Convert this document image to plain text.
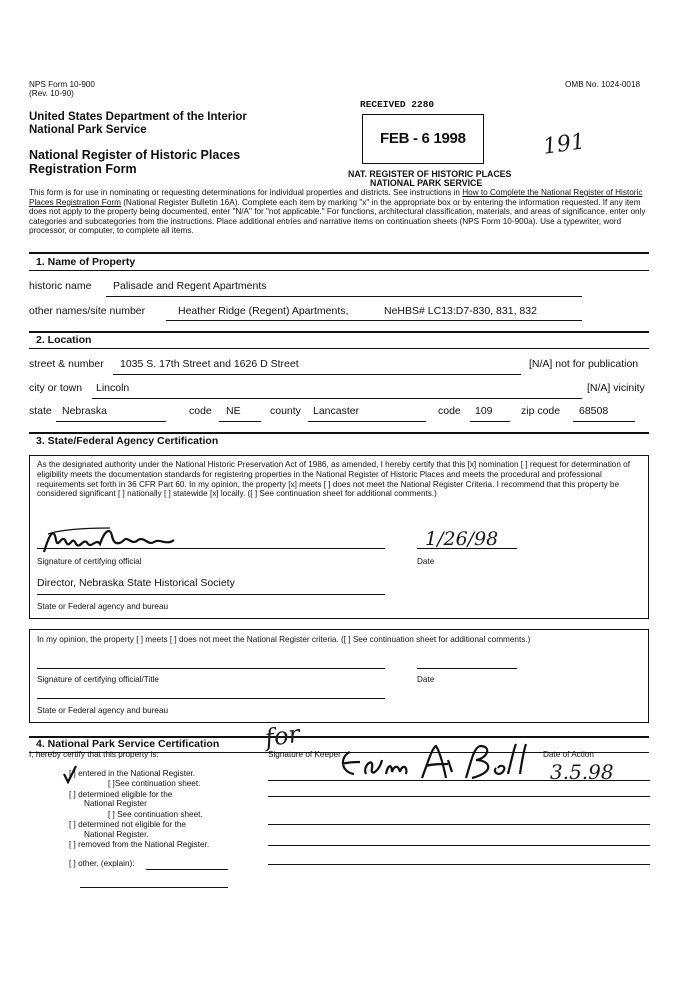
NPS Form 10-900
(Rev. 10-90)
OMB No. 1024-0018
United States Department of the Interior
National Park Service
National Register of Historic Places
Registration Form
RECEIVED 2280
FEB - 6 1998
NAT. REGISTER OF HISTORIC PLACES
NATIONAL PARK SERVICE
191
This form is for use in nominating or requesting determinations for individual properties and districts. See instructions in How to Complete the National Register of Historic Places Registration Form (National Register Bulletin 16A). Complete each item by marking "x" in the appropriate box or by entering the information requested. If any item does not apply to the property being documented, enter "N/A" for "not applicable." For functions, architectural classification, materials, and areas of significance, enter only categories and subcategories from the instructions. Place additional entries and narrative items on continuation sheets (NPS Form 10-900a). Use a typewriter, word processor, or computer, to complete all items.
1. Name of Property
historic name Palisade and Regent Apartments
other names/site number	Heather Ridge (Regent) Apartments,	NeHBS# LC13:D7-830, 831, 832
2. Location
street & number 1035 S. 17th Street and 1626 D Street	[N/A] not for publication
city or town Lincoln	[N/A] vicinity
state Nebraska	code NE	county Lancaster	code 109	zip code 68508
3. State/Federal Agency Certification
As the designated authority under the National Historic Preservation Act of 1986, as amended, I hereby certify that this [x] nomination [ ] request for determination of eligibility meets the documentation standards for registering properties in the National Register of Historic Places and meets the procedural and professional requirements set forth in 36 CFR Part 60. In my opinion, the property [x] meets [ ] does not meet the National Register Criteria. I recommend that this property be considered significant [ ] nationally [ ] statewide [x] locally. ([ ] See continuation sheet for additional comments.)
Signature of certifying official
1/26/98
Date
Director, Nebraska State Historical Society
State or Federal agency and bureau
In my opinion, the property [ ] meets [ ] does not meet the National Register criteria. ([ ] See continuation sheet for additional comments.)
Signature of certifying official/Title	Date
State or Federal agency and bureau
4. National Park Service Certification
I, hereby certify that this property is:	Signature of Keeper	Date of Action
for
3.5.98
[ ] entered in the National Register.
[ ]See continuation sheet.
[ ] determined eligible for the
National Register
[ ] See continuation sheet.
[ ] determined not eligible for the
National Register.
[ ] removed from the National Register.
[ ] other, (explain):
